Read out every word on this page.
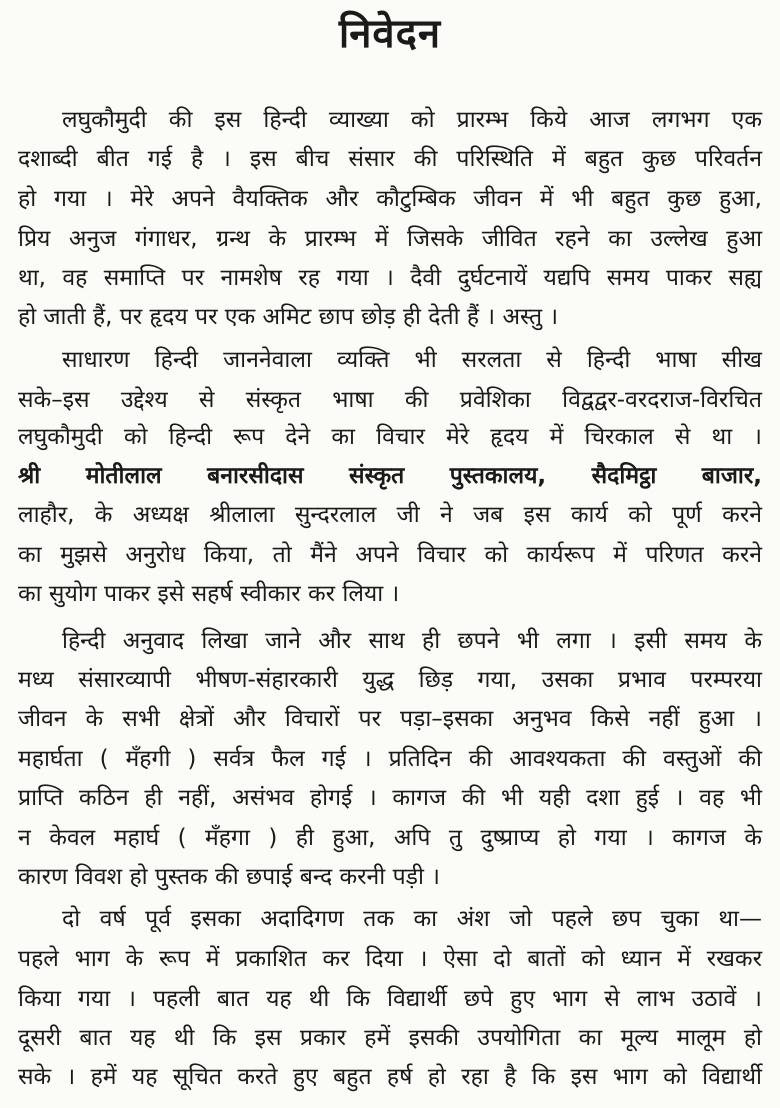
निवेदन
लघुकौमुदी की इस हिन्दी व्याख्या को प्रारम्भ किये आज लगभग एक
दशाब्दी बीत गई है । इस बीच संसार की परिस्थिति में बहुत कुछ परिवर्तन
हो गया । मेरे अपने वैयक्तिक और कौटुम्बिक जीवन में भी बहुत कुछ हुआ,
प्रिय अनुज गंगाधर, ग्रन्थ के प्रारम्भ में जिसके जीवित रहने का उल्लेख हुआ
था, वह समाप्ति पर नामशेष रह गया । दैवी दुर्घटनायें यद्यपि समय पाकर सह्य
हो जाती हैं, पर हृदय पर एक अमिट छाप छोड़ ही देती हैं । अस्तु ।
साधारण हिन्दी जाननेवाला व्यक्ति भी सरलता से हिन्दी भाषा सीख
सके–इस उद्देश्य से संस्कृत भाषा की प्रवेशिका विद्वद्वर-वरदराज-विरचित
लघुकौमुदी को हिन्दी रूप देने का विचार मेरे हृदय में चिरकाल से था ।
श्री मोतीलाल बनारसीदास संस्कृत पुस्तकालय, सैदमिट्ठा बाजार,
लाहौर, के अध्यक्ष श्रीलाला सुन्दरलाल जी ने जब इस कार्य को पूर्ण करने
का मुझसे अनुरोध किया, तो मैंने अपने विचार को कार्यरूप में परिणत करने
का सुयोग पाकर इसे सहर्ष स्वीकार कर लिया ।
हिन्दी अनुवाद लिखा जाने और साथ ही छपने भी लगा । इसी समय के
मध्य संसारव्यापी भीषण-संहारकारी युद्ध छिड़ गया, उसका प्रभाव परम्परया
जीवन के सभी क्षेत्रों और विचारों पर पड़ा–इसका अनुभव किसे नहीं हुआ ।
महार्घता ( मँहगी ) सर्वत्र फैल गई । प्रतिदिन की आवश्यकता की वस्तुओं की
प्राप्ति कठिन ही नहीं, असंभव होगई । कागज की भी यही दशा हुई । वह भी
न केवल महार्घ ( मँहगा ) ही हुआ, अपि तु दुष्प्राप्य हो गया । कागज के
कारण विवश हो पुस्तक की छपाई बन्द करनी पड़ी ।
दो वर्ष पूर्व इसका अदादिगण तक का अंश जो पहले छप चुका था—
पहले भाग के रूप में प्रकाशित कर दिया । ऐसा दो बातों को ध्यान में रखकर
किया गया । पहली बात यह थी कि विद्यार्थी छपे हुए भाग से लाभ उठावें ।
दूसरी बात यह थी कि इस प्रकार हमें इसकी उपयोगिता का मूल्य मालूम हो
सके । हमें यह सूचित करते हुए बहुत हर्ष हो रहा है कि इस भाग को विद्यार्थी
